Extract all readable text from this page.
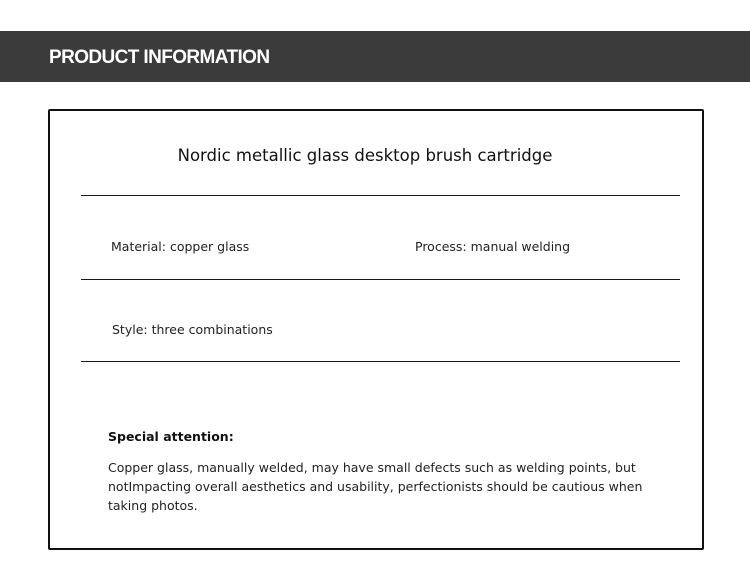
PRODUCT INFORMATION
Nordic metallic glass desktop brush cartridge
Material: copper glass	Process: manual welding
Style: three combinations
Special attention:
Copper glass, manually welded, may have small defects such as welding points, but notImpacting overall aesthetics and usability, perfectionists should be cautious when taking photos.
